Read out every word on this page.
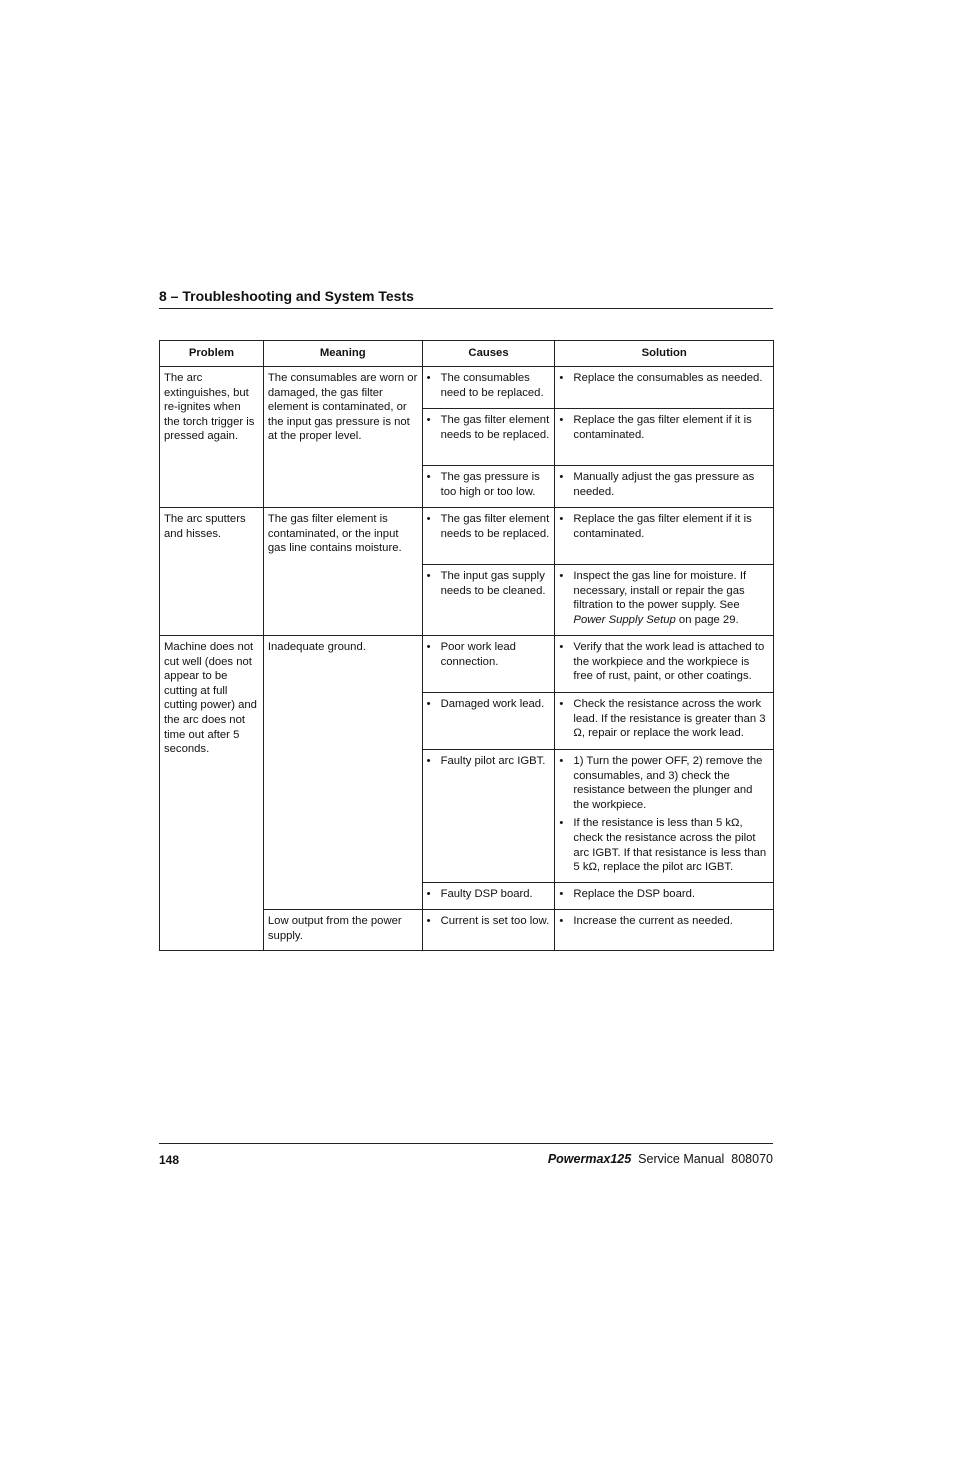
8 – Troubleshooting and System Tests
Problem	Meaning	Causes	Solution
The arc extinguishes, but re-ignites when the torch trigger is pressed again.	The consumables are worn or damaged, the gas filter element is contaminated, or the input gas pressure is not at the proper level.	• The consumables need to be replaced.	• Replace the consumables as needed.

		• The gas filter element needs to be replaced.	• Replace the gas filter element if it is contaminated.

		• The gas pressure is too high or too low.	• Manually adjust the gas pressure as needed.

The arc sputters and hisses.	The gas filter element is contaminated, or the input gas line contains moisture.	• The gas filter element needs to be replaced.	• Replace the gas filter element if it is contaminated.

		• The input gas supply needs to be cleaned.	• Inspect the gas line for moisture. If necessary, install or repair the gas filtration to the power supply. See Power Supply Setup on page 29.

Machine does not cut well (does not appear to be cutting at full cutting power) and the arc does not time out after 5 seconds.	Inadequate ground.	• Poor work lead connection.	• Verify that the work lead is attached to the workpiece and the workpiece is free of rust, paint, or other coatings.

		• Damaged work lead.	• Check the resistance across the work lead. If the resistance is greater than 3 Ω, repair or replace the work lead.

		• Faulty pilot arc IGBT.	• 1) Turn the power OFF, 2) remove the consumables, and 3) check the resistance between the plunger and the workpiece.
• If the resistance is less than 5 kΩ, check the resistance across the pilot arc IGBT. If that resistance is less than 5 kΩ, replace the pilot arc IGBT.

		• Faulty DSP board.	• Replace the DSP board.

	Low output from the power supply.	• Current is set too low.	• Increase the current as needed.
148	Powermax125 Service Manual 808070
